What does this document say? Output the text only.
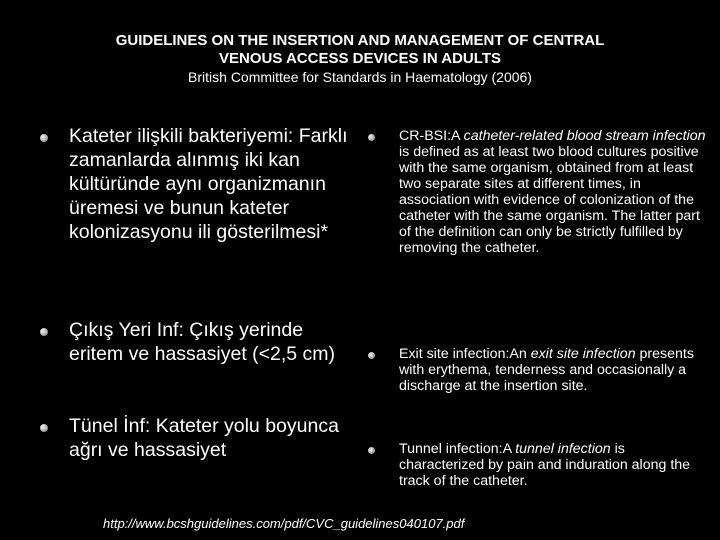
GUIDELINES ON THE INSERTION AND MANAGEMENT OF CENTRAL
VENOUS ACCESS DEVICES IN ADULTS
British Committee for Standards in Haematology (2006)
Kateter ilişkili bakteriyemi: Farklı zamanlarda alınmış iki kan kültüründe aynı organizmanın üremesi ve bunun kateter kolonizasyonu ili gösterilmesi*
Çıkış Yeri Inf: Çıkış yerinde eritem ve hassasiyet (<2,5 cm)
Tünel İnf: Kateter yolu boyunca ağrı ve hassasiyet
CR-BSI:A catheter-related blood stream infection is defined as at least two blood cultures positive with the same organism, obtained from at least two separate sites at different times, in association with evidence of colonization of the catheter with the same organism. The latter part of the definition can only be strictly fulfilled by removing the catheter.
Exit site infection:An exit site infection presents with erythema, tenderness and occasionally a discharge at the insertion site.
Tunnel infection:A tunnel infection is characterized by pain and induration along the track of the catheter.
http://www.bcshguidelines.com/pdf/CVC_guidelines040107.pdf
